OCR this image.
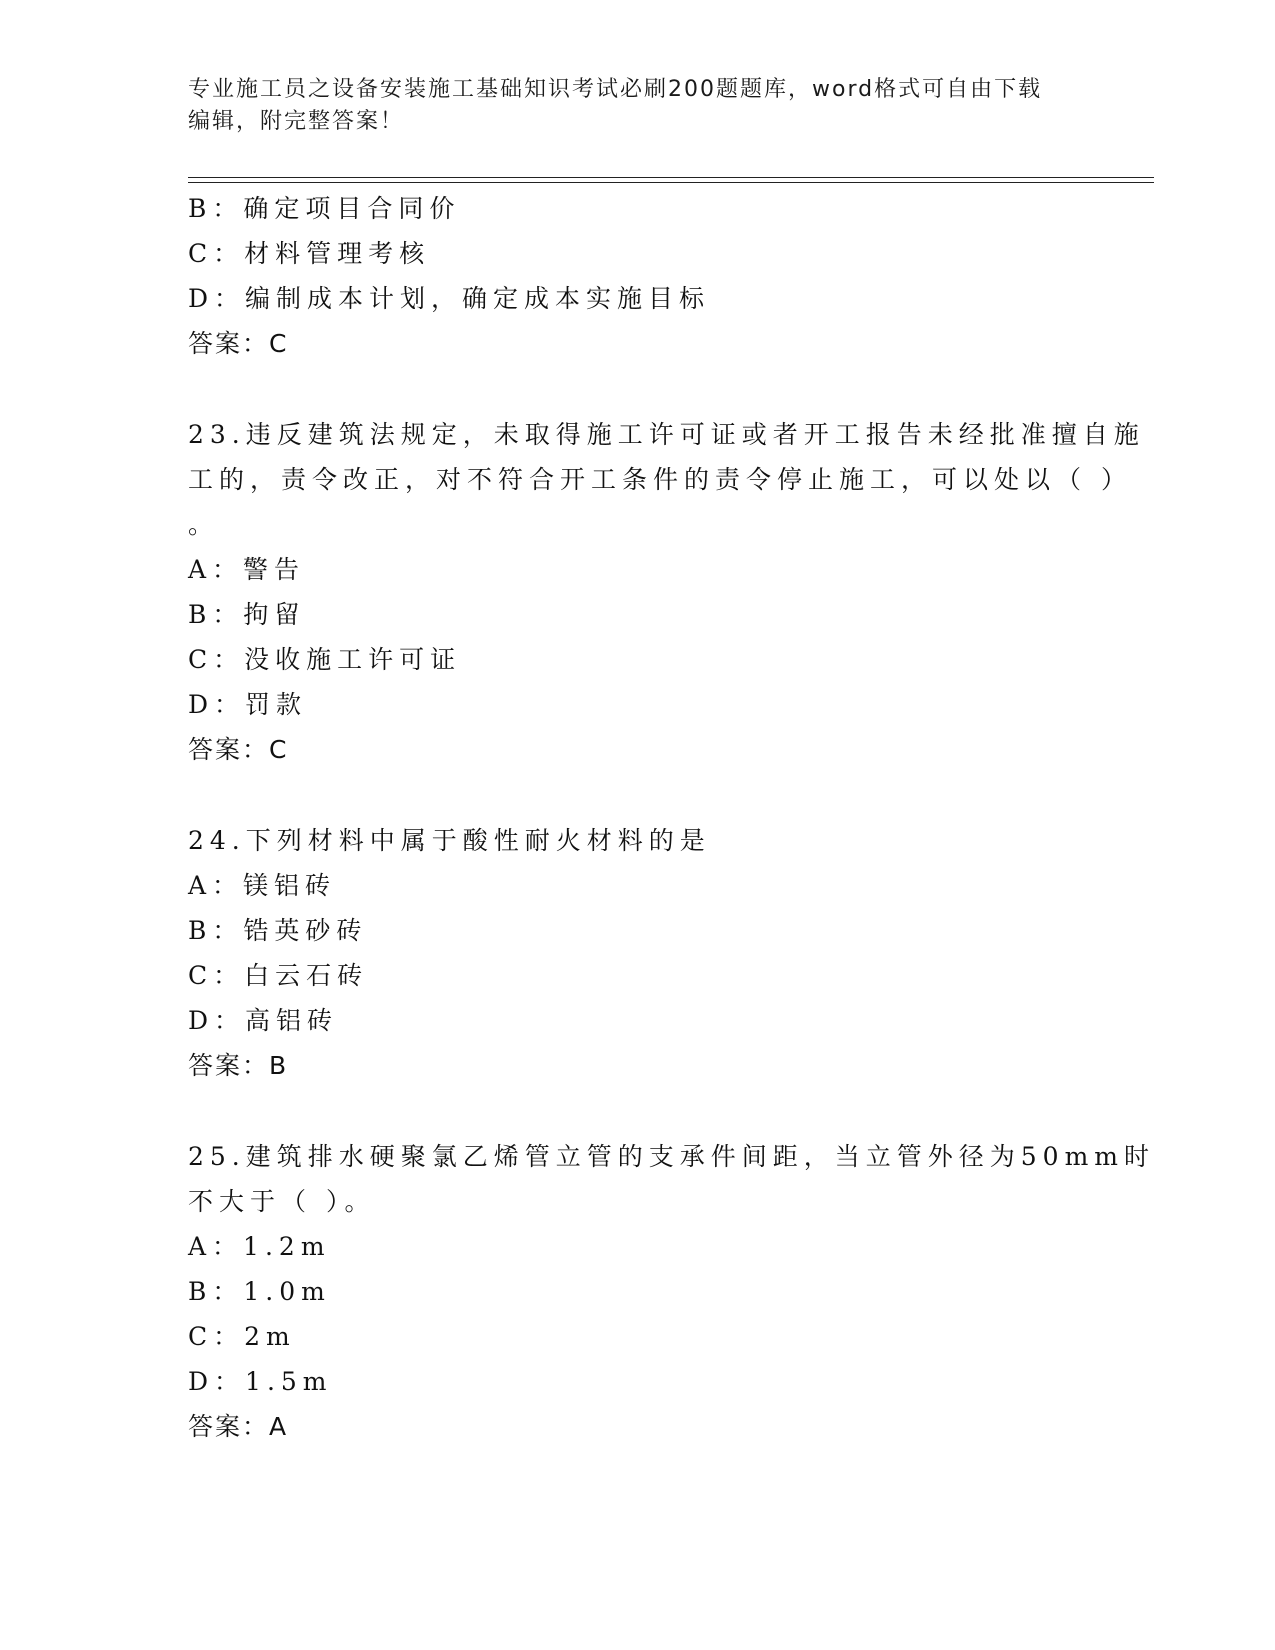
专业施工员之设备安装施工基础知识考试必刷200题题库，word格式可自由下载
编辑，附完整答案！
B：确定项目合同价
C：材料管理考核
D：编制成本计划，确定成本实施目标
答案：C
23.违反建筑法规定，未取得施工许可证或者开工报告未经批准擅自施
工的，责令改正，对不符合开工条件的责令停止施工，可以处以（ ）
。
A：警告
B：拘留
C：没收施工许可证
D：罚款
答案：C
24.下列材料中属于酸性耐火材料的是
A：镁铝砖
B：锆英砂砖
C：白云石砖
D：高铝砖
答案：B
25.建筑排水硬聚氯乙烯管立管的支承件间距，当立管外径为50mm时
不大于（ ）。
A：1.2m
B：1.0m
C：2m
D：1.5m
答案：A
